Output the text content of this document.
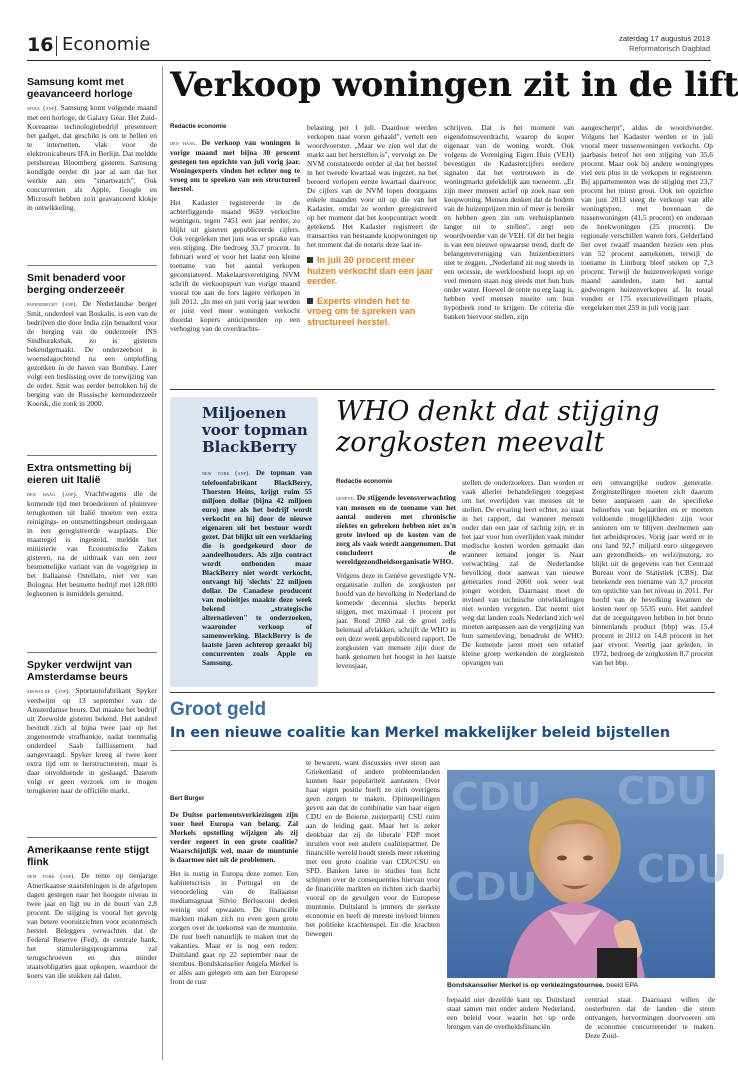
16 Economie	zaterdag 17 augustus 2013
Reformatorisch Dagblad
Samsung komt met geavanceerd horloge
seoul (anp). Samsung komt volgende maand met een horloge, de Galaxy Gear. Het Zuid-Koreaanse technologiebedrijf presenteert het gadget, dat geschikt is om te bellen en te internetten, vlak voor de elektronicabeurs IFA in Berlijn. Dat meldde persbureau Bloomberg gisteren. Samsung kondigde eerder dit jaar al aan dat het werkte aan een "smartwatch". Ook concurrenten als Apple, Google en Microsoft hebben zo'n geavanceerd klokje in ontwikkeling.
Smit benaderd voor berging onderzeeër
papendrecht (anp). De Nederlandse berger Smit, onderdeel van Boskalis, is een van de bedrijven die door India zijn benaderd voor de berging van de onderzeeër INS Sindhurakshak, zo is gisteren bekendgemaakt. De onderzeeboot is woensdagochtend na een ontploffing gezonken in de haven van Bombay. Later volgt een beslissing over de toewijzing van de order. Smit was eerder betrokken bij de berging van de Russische kernonderzeeër Koersk, die zonk in 2000.
Extra ontsmetting bij eieren uit Italië
den haag (anp). Vrachtwagens die de komende tijd met broedeieren of pluimvee terugkomen uit Italië moeten een extra reinigings- en ontsmettingsbeurt ondergaan in een geregistreerde wasplaats. Die maatregel is ingesteld, meldde het ministerie van Economische Zaken gisteren, na de uitbraak van een zeer besmettelijke variant van de vogelgriep in het Italiaanse Ostellato, niet ver van Bologna. Het besmette bedrijf met 128.000 leghennen is inmiddels geruimd.
Spyker verdwijnt van Amsterdamse beurs
zeewolde (anp). Sportautofabrikant Spyker verdwijnt op 13 september van de Amsterdamse beurs. Dat maakte het bedrijf uit Zeewolde gisteren bekend. Het aandeel bevindt zich al bijna twee jaar op het zogenoemde strafbankje, nadat toenmalig onderdeel Saab faillissement had aangevraagd. Spyker kreeg al twee keer extra tijd om te herstructureren, maar is daar onvoldoende in geslaagd. Daarom volgt er geen verzoek om te mogen terugkeren naar de officiële markt.
Amerikaanse rente stijgt flink
new york (anp). De rente op tienjarige Amerikaanse staatsleningen is de afgelopen dagen gestegen naar het hoogste niveau in twee jaar en ligt nu in de buurt van 2,8 procent. De stijging is vooral het gevolg van betere vooruitzichten voor economisch herstel. Beleggers verwachten dat de Federal Reserve (Fed), de centrale bank, het stimuleringsprogramma zal terugschroeven en dus minder staatsobligaties gaat opkopen, waardoor de koers van die stukken zal dalen.
Verkoop woningen zit in de lift
Redactie economie

den haag. De verkoop van woningen is vorige maand met bijna 30 procent gestegen ten opzichte van juli vorig jaar. Woningexperts vinden het echter nog te vroeg om te spreken van een structureel herstel.

Het Kadaster registreerde in de achterliggende maand 9659 verkochte woningen, tegen 7451 een jaar eerder, zo blijkt uit gisteren gepubliceerde cijfers. Ook vergeleken met juni was er sprake van een stijging. Die bedroeg 33,7 procent. In februari werd er voor het laatst een kleine toename van het aantal verkopen geconstateerd. Makelaarsvereniging NVM schrift de verkoopspurt van vorige maand vooral toe aan de fors lagere verkopen in juli 2012. „In mei en juni vorig jaar werden er juist veel meer woningen verkocht doordat kopers anticipeerden op een verhoging van de overdrachts-

belasting per 1 juli. Daardoor werden verkopen naar voren gehaald", vertelt een woordvoerster. „Maar we zien wel dat de markt aan het herstellen is", vervolgt ze. De NVM constateerde eerder al dat het herstel in het tweede kwartaal was ingezet, na het beroerd verlopen eerste kwartaal daarvoor. De cijfers van de NVM lopen doorgaans enkele maanden voor uit op die van het Kadaster, omdat ze worden geregistreerd op het moment dat het koopcontract wordt getekend. Het Kadaster registreert de transacties van bestaande koopwoningen op het moment dat de notaris deze laat in-

In juli 30 procent meer huizen verkocht dan een jaar eerder.
Experts vinden het te vroeg om te spreken van structureel herstel.

schrijven. Dat is het moment van eigendomsoverdracht, waarop de koper eigenaar van de woning wordt. Ook volgens de Vereniging Eigen Huis (VEH) bevestigen de Kadastercijfers eerdere signalen dat het vertrouwen in de woningmarkt geleidelijk aan toeneemt. „Er zijn meer mensen actief op zoek naar een koopwoning. Mensen denken dat de bodem van de huizenprijzen min of meer is bereikt en hebben geen zin om verhuisplannen langer uit te stellen", zegt een woordvoerder van de VEH. Of dit het begin is van een nieuwe opwaartse trend, durft de belangenvereniging van huizenbezitters niet te zeggen. „Nederland zit nog steeds in een recessie, de werkloosheid loopt op en veel mensen staan nog steeds met hun huis onder water. Hoewel de rente nu erg laag is, hebben veel mensen moeite om hun hypotheek rond te krijgen. De criteria die banken hiervoor stellen, zijn

aangescherpt", aldus de woordvoerder. Volgens het Kadaster werden er in juli vooral meer tussenwoningen verkocht. Op jaarbasis betrof het een stijging van 35,6 procent. Maar ook bij andere woningtypes viel een plus in de verkopen te registreren. Bij appartementen was de stijging met 23,7 procent het minst groot. Ook ten opzichte van juni 2013 steeg de verkoop van alle woningtypen, met bovenaan de tussenwoningen (41,5 procent) en onderaan de hoekwoningen (25 procent). De regionale verschillen waren fors. Gelderland liet over twaalf maanden bezien een plus van 52 procent aantekenen, terwijl de toename in Limburg bleef steken op 7,3 procent. Terwijl de huizenverkopen vorige maand aandeden, nam het aantal gedwongen huizenverkopen af. In totaal vonden er 175 executieveilingen plaats, vergeleken met 259 in juli vorig jaar.

Miljoenen voor topman BlackBerry

new york (anp). De topman van telefoonfabrikant BlackBerry, Thorsten Heins, krijgt ruim 55 miljoen dollar (bijna 42 miljoen euro) mee als het bedrijf wordt verkocht en hij door de nieuwe eigenaren uit het bestuur wordt gezet. Dat blijkt uit een verklaring die is goedgekeurd door de aandeelhouders. Als zijn contract wordt ontbonden maar BlackBerry niet wordt verkocht, ontvangt hij 'slechts' 22 miljoen dollar. De Canadese producent van mobieltjes maakte deze week bekend „strategische alternatieven" te onderzoeken, waaronder verkoop of samenwerking. BlackBerry is de laatste jaren achterop geraakt bij concurrenten zoals Apple en Samsung.

WHO denkt dat stijging
zorgkosten meevalt
Redactie economie

genève. De stijgende levensverwachting van mensen en de toename van het aantal ouderen met chronische ziektes en gebreken hebben niet zo'n grote invloed op de kosten van de zorg als vaak wordt aangenomen. Dat concludeert de wereldgezondheidsorganisatie WHO.

Volgens deze in Genève gevestigde VN-organisatie zullen de zorgkosten per hoofd van de bevolking in Nederland de komende decennia slechts beperkt stijgen, met maximaal 1 procent per jaar. Rond 2060 zal de groei zelfs helemaal afvlakken, schrijft de WHO in een deze week gepubliceerd rapport. De zorgkosten van mensen zijn door de bank genomen het hoogst in het laatste levensjaar,

stellen de onderzoekers. Dan worden er vaak allerlei behandelingen toegepast om het overlijden van mensen uit te stellen. De ervaring leert echter, zo staat in het rapport, dat wanneer mensen ouder dan een jaar of tachtig zijn, er in het jaar voor hun overlijden vaak minder medische kosten worden gemaakt dan wanneer iemand jonger is. Naar verwachting zal de Nederlandse bevolking door aanwas van nieuwe generaties rond 2060 ook weer wat jonger worden. Daarnaast moet de invloed van technische ontwikkelingen niet worden vergeten. Dat neemt niet weg dat landen zoals Nederland zich wel moeten aanpassen aan de vergrijzing van hun samenleving, benadrukt de WHO. De komende jaren moet een relatief kleine groep werkenden de zorgkosten opvangen van

een omvangrijke oudere generatie. Zorginstellingen moeten zich daarom beter aanpassen aan de specifieke behoeftes van bejaarden en er moeten voldoende mogelijkheden zijn voor senioren om te blijven deelnemen aan het arbeidsproces. Vorig jaar werd er in ons land 92,7 miljard euro uitgegeven aan gezondheids- en welzijnszorg, zo blijkt uit de gegevens van het Centraal Bureau voor de Statistiek (CBS). Dat betekende een toename van 3,7 procent ten opzichte van het niveau in 2011. Per hoofd van de bevolking kwamen de kosten neer op 5535 euro. Het aandeel dat de zorguitgaven hebben in het bruto binnenlands product (bbp) was 15,4 procent in 2012 en 14,8 procent in het jaar ervoor. Veertig jaar geleden, in 1972, bedroeg de zorgkosten 8,7 procent van het bbp.

Groot geld
In een nieuwe coalitie kan Merkel makkelijker beleid bijstellen
Bert Burger

De Duitse parlementsverkiezingen zijn voor heel Europa van belang. Zal Merkels opstelling wijzigen als zij verder regeert in een grote coalitie? Waarschijnlijk wel, maar de muntunie is daarmee niet uit de problemen.

Het is rustig in Europa deze zomer. Een kabinetscrisis in Portugal en de veroordeling van de Italiaanse mediamagnaat Silvio Berlusconi deden weinig stof opwaaien. De financiële markten maken zich nu even geen grote zorgen over de toekomst van de muntunie. De rust heeft natuurlijk te maken met de vakanties. Maar er is nog een reden: Duitsland gaat op 22 september naar de stembus. Bondskanselier Angela Merkel is er alles aan gelegen om aan het Europese front de rust

te bewaren, want discussies over steun aan Griekenland of andere probleemlanden kunnen haar populariteit aantasten. Over haar eigen positie hoeft ze zich overigens geen zorgen te maken. Opiniepeilingen geven aan dat de combinatie van haar eigen CDU en de Beierse zusterpartij CSU ruim aan de leiding gaat. Maar het is zeker denkbaar dat zij de liberale FDP moet inruilen voor een andere coalitiepartner. De financiële wereld houdt steeds meer rekening met een grote coalitie van CDU/CSU en SPD. Banken laten in studies hun licht schijnen over de consequenties hiervan voor de financiële markten en richten zich daarbij vooral op de gevolgen voor de Europese muntunie. Duitsland is immers de sterkste economie en heeft de meeste invloed binnen het politieke krachtenspel. En die krachten bewegen

CDU CDU
CDU
CDU
Bondskanselier Merkel is op verkiezingstournee. beeld EPA

bepaald niet dezelfde kant op. Duitsland staat samen met onder andere Nederland, een beleid voor waarin het op orde brengen van de overheidsfinanciën

centraal staat. Daarnaast willen de oosterburen dat de landen die steun ontvangen, hervormingen doorvoeren om de economie concurrerender te maken. Deze Zuid-
